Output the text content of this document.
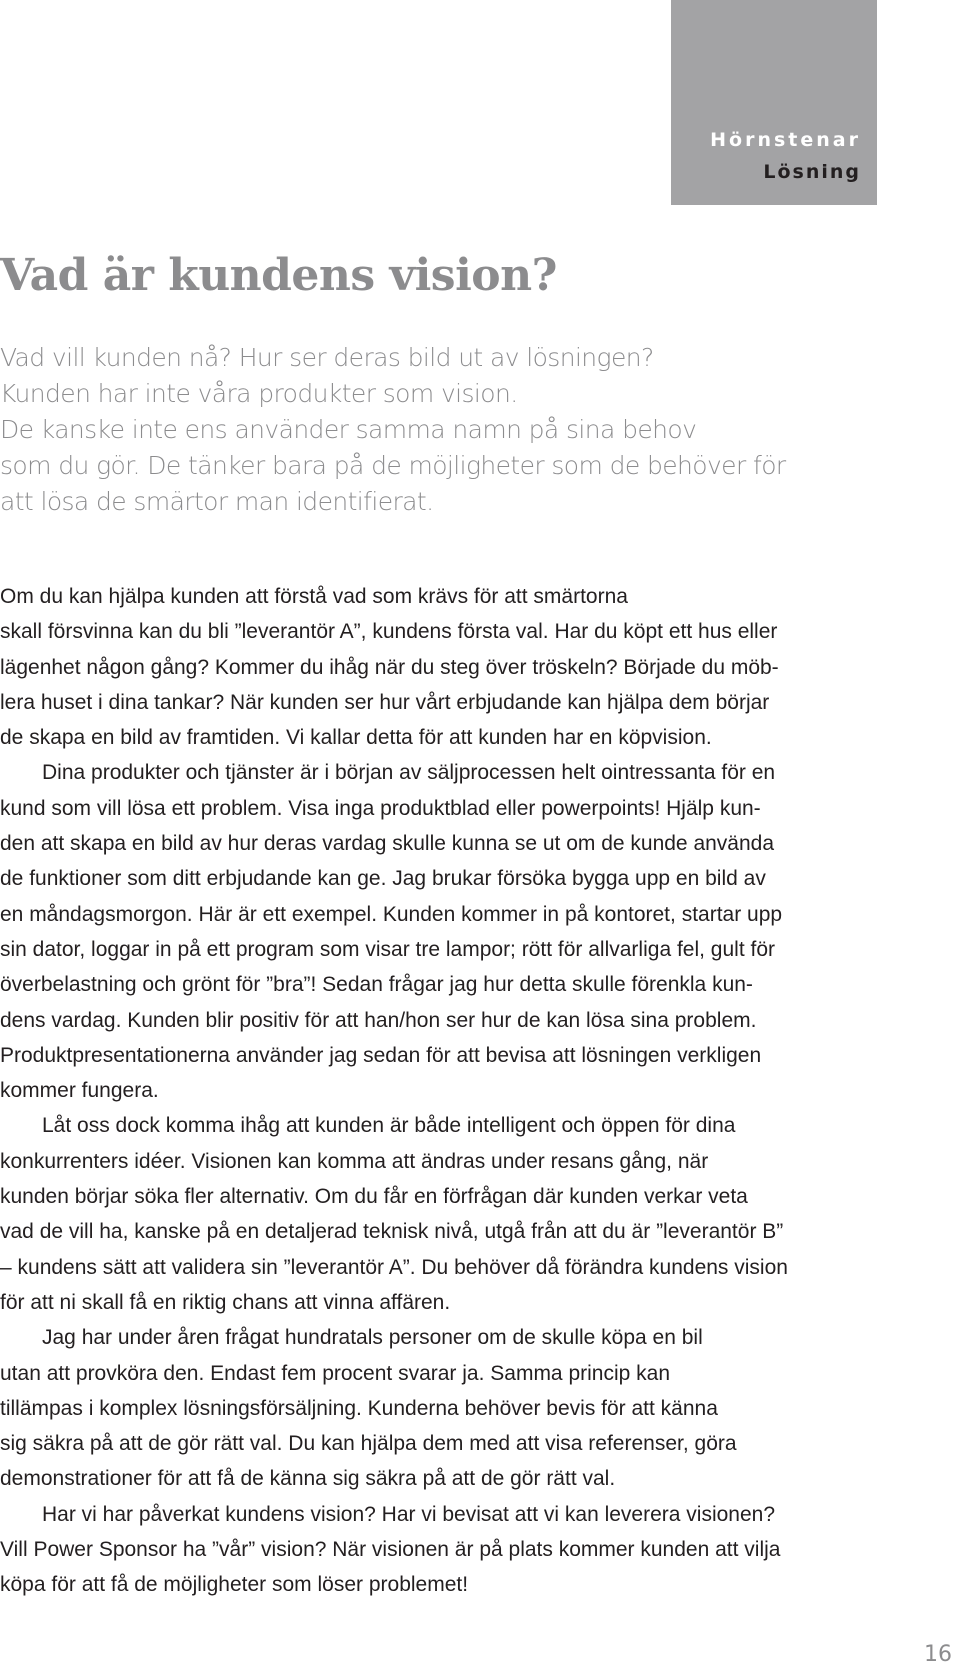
Hörnstenar
Lösning
Vad är kundens vision?
Vad vill kunden nå? Hur ser deras bild ut av lösningen?
Kunden har inte våra produkter som vision.
De kanske inte ens använder samma namn på sina behov
som du gör. De tänker bara på de möjligheter som de behöver för
att lösa de smärtor man identifierat.

Om du kan hjälpa kunden att förstå vad som krävs för att smärtorna
skall försvinna kan du bli ”leverantör A”, kundens första val. Har du köpt ett hus eller
lägenhet någon gång? Kommer du ihåg när du steg över tröskeln? Började du möb-
lera huset i dina tankar? När kunden ser hur vårt erbjudande kan hjälpa dem börjar
de skapa en bild av framtiden. Vi kallar detta för att kunden har en köpvision.

Dina produkter och tjänster är i början av säljprocessen helt ointressanta för en
kund som vill lösa ett problem. Visa inga produktblad eller powerpoints! Hjälp kun-
den att skapa en bild av hur deras vardag skulle kunna se ut om de kunde använda
de funktioner som ditt erbjudande kan ge. Jag brukar försöka bygga upp en bild av
en måndagsmorgon. Här är ett exempel. Kunden kommer in på kontoret, startar upp
sin dator, loggar in på ett program som visar tre lampor; rött för allvarliga fel, gult för
överbelastning och grönt för ”bra”! Sedan frågar jag hur detta skulle förenkla kun-
dens vardag. Kunden blir positiv för att han/hon ser hur de kan lösa sina problem.
Produktpresentationerna använder jag sedan för att bevisa att lösningen verkligen
kommer fungera.

Låt oss dock komma ihåg att kunden är både intelligent och öppen för dina
konkurrenters idéer. Visionen kan komma att ändras under resans gång, när
kunden börjar söka fler alternativ. Om du får en förfrågan där kunden verkar veta
vad de vill ha, kanske på en detaljerad teknisk nivå, utgå från att du är ”leverantör B”
– kundens sätt att validera sin ”leverantör A”. Du behöver då förändra kundens vision
för att ni skall få en riktig chans att vinna affären.

Jag har under åren frågat hundratals personer om de skulle köpa en bil
utan att provköra den. Endast fem procent svarar ja. Samma princip kan
tillämpas i komplex lösningsförsäljning. Kunderna behöver bevis för att känna
sig säkra på att de gör rätt val. Du kan hjälpa dem med att visa referenser, göra
demonstrationer för att få de känna sig säkra på att de gör rätt val.

Har vi har påverkat kundens vision? Har vi bevisat att vi kan leverera visionen?
Vill Power Sponsor ha ”vår” vision? När visionen är på plats kommer kunden att vilja
köpa för att få de möjligheter som löser problemet!

16
